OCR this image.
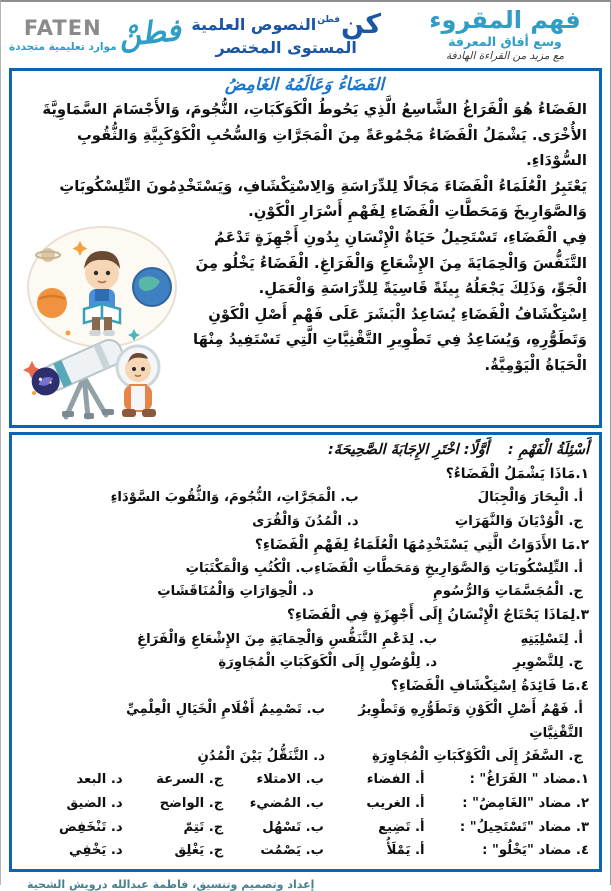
FATEN
موارد تعليمية متجددة فطنْ	كن
فطن
النصوص العلمية
المستوى المختصر
فهم المقروء
وسع أفاق المعرفة
مع مزيد من القراءة الهادفة
الفَضَاءُ وَعَالَمُهُ الغَامِضُ

الفَضَاءُ هُوَ الْفَرَاغُ الشَّاسِعُ الَّذِي يَحُوطُ الْكَوَكَبَاتِ، النُّجُومَ، وَالأَجْسَامَ السَّمَاوِيَّةَ الأُخْرَى. يَشْمَلُ الْفَضَاءُ مَجْمُوعَةً مِنَ الْمَجَرَّاتِ وَالسُّحُبِ الْكَوْكَبِيَّةِ وَالثُّقُوبِ السُّوْدَاءِ.

يَعْتَبِرُ الْعُلَمَاءُ الْفَضَاءَ مَجَالًا لِلدِّرَاسَةِ وَالِاسْتِكْشَافِ، وَيَسْتَخْدِمُونَ التِّلِسْكُوبَاتِ وَالصَّوَارِيخَ وَمَحَطَّاتِ الْفَضَاءِ لِفَهْمِ أَسْرَارِ الْكَوْنِ.

فِي الْفَضَاءِ، تَسْتَحِيلُ حَيَاةُ الْإِنْسَانِ بِدُونِ أَجْهِزَةٍ تَدْعَمُ التَّنَفُّسَ وَالْحِمَايَةَ مِنَ الإِشْعَاعِ وَالْفَرَاغِ. الْفَضَاءُ يَخْلُو مِنَ الْجَوِّ، وَذَلِكَ يَجْعَلُهُ بِيئَةً قَاسِيَةً لِلدِّرَاسَةِ وَالْعَمَلِ.

اِسْتِكْشَافُ الْفَضَاءِ يُسَاعِدُ الْبَشَرَ عَلَى فَهْمِ أَصْلِ الْكَوْنِ وَتَطَوُّرِهِ، وَيُسَاعِدُ فِي تَطْوِيرِ التَّقْنِيَّاتِ الَّتِي تَسْتَفِيدُ مِنْهَا الْحَيَاةُ الْيَوْمِيَّةُ.

أَسْئِلَةُ الْفَهْمِ : أَوَّلًا: اخْتَرِ الإِجَابَةَ الصَّحِيحَةَ:
١.مَاذَا يَشْمَلُ الْفَضَاءُ؟
أ. الْبِحَارَ وَالْجِبَالَ
ب. الْمَجَرَّاتِ، النُّجُومَ، وَالثُّقُوبَ السَّوْدَاءِ
ج. الْوُدْيَانَ وَالنَّهَرَاتِ
د. الْمُدُنَ وَالْقُرَى
٢.مَا الأَدَوَاتُ الَّتِي يَسْتَخْدِمُهَا الْعُلَمَاءُ لِفَهْمِ الْفَضَاءِ؟
أ. التِّلِسْكُوبَاتِ وَالصَّوَارِيخِ وَمَحَطَّاتِ الْفَضَاءِ
ب. الْكُتُبِ وَالْمَكْتَبَاتِ
ج. الْمُجَسَّمَاتِ وَالرُّسُومِ
د. الْحِوَارَاتِ وَالْمُنَاقَشَاتِ
٣.لِمَاذَا يَحْتَاجُ الْإِنْسَانُ إِلَى أَجْهِزَةٍ فِي الْفَضَاءِ؟
أ. لِتَسْلِيَتِهِ
ب. لِدَعْمِ التَّنَفُّسِ وَالْحِمَايَةِ مِنَ الإِشْعَاعِ وَالْفَرَاغِ
ج. لِلتَّصْوِيرِ
د. لِلْوُصُولِ إِلَى الْكَوَكَبَاتِ الْمُجَاوِرَةِ
٤.مَا فَائِدَةُ اِسْتِكْشَافِ الْفَضَاءِ؟
أ. فَهْمُ أَصْلِ الْكَوْنِ وَتَطَوُّرِهِ وَتَطْوِيرُ التَّقْنِيَّاتِ
ب. تَصْمِيمُ أَفْلَامِ الْخَيَالِ الْعِلْمِيِّ
ج. السَّفَرُ إِلَى الْكَوْكَبَاتِ الْمُجَاوِرَةِ
د. التَّنَقُّلُ بَيْنَ الْمُدُنِ
١.مضاد " الفَرَاغُ" :
أ. الفضاء
ب. الامتلاء
ج. السرعة
د. البعد
٢. مضاد "الغَامِضُ" :
أ. الغريب
ب. المُضيء
ج. الواضح
د. الضيق
٣. مضاد "تَسْتَحِيلُ" :
أ. تَضِيع
ب. تَسْهُل
ج. تَتِمّ
د. تَنْخَفِض
٤. مضاد "يَخْلُو" :
أ. يَمْلَأُ
ب. يَصْمُت
ج. يَغْلِق
د. يَخْفِي
إعداد وتصميم وتنسيق، فاطمة عبدالله درويش الشحية
